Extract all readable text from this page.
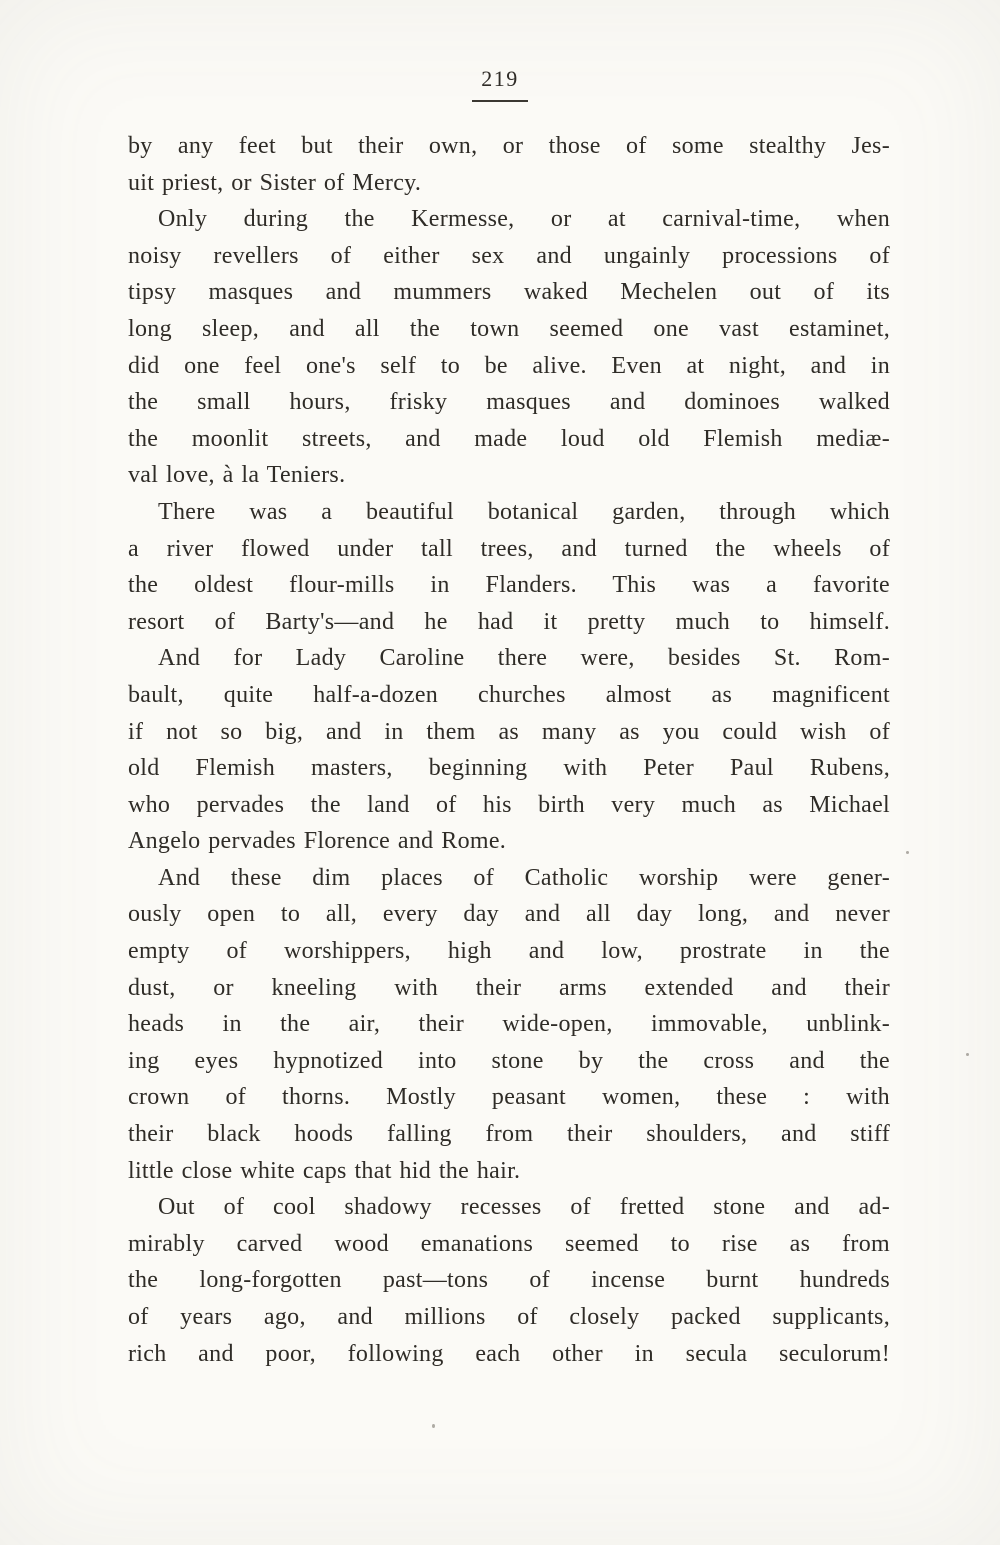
219
by any feet but their own, or those of some stealthy Jes-
uit priest, or Sister of Mercy.
Only during the Kermesse, or at carnival-time, when
noisy revellers of either sex and ungainly processions of
tipsy masques and mummers waked Mechelen out of its
long sleep, and all the town seemed one vast estaminet,
did one feel one's self to be alive. Even at night, and in
the small hours, frisky masques and dominoes walked
the moonlit streets, and made loud old Flemish mediæ-
val love, à la Teniers.
There was a beautiful botanical garden, through which
a river flowed under tall trees, and turned the wheels of
the oldest flour-mills in Flanders. This was a favorite
resort of Barty's—and he had it pretty much to himself.
And for Lady Caroline there were, besides St. Rom-
bault, quite half-a-dozen churches almost as magnificent
if not so big, and in them as many as you could wish of
old Flemish masters, beginning with Peter Paul Rubens,
who pervades the land of his birth very much as Michael
Angelo pervades Florence and Rome.
And these dim places of Catholic worship were gener-
ously open to all, every day and all day long, and never
empty of worshippers, high and low, prostrate in the
dust, or kneeling with their arms extended and their
heads in the air, their wide-open, immovable, unblink-
ing eyes hypnotized into stone by the cross and the
crown of thorns. Mostly peasant women, these : with
their black hoods falling from their shoulders, and stiff
little close white caps that hid the hair.
Out of cool shadowy recesses of fretted stone and ad-
mirably carved wood emanations seemed to rise as from
the long-forgotten past—tons of incense burnt hundreds
of years ago, and millions of closely packed supplicants,
rich and poor, following each other in secula seculorum!
